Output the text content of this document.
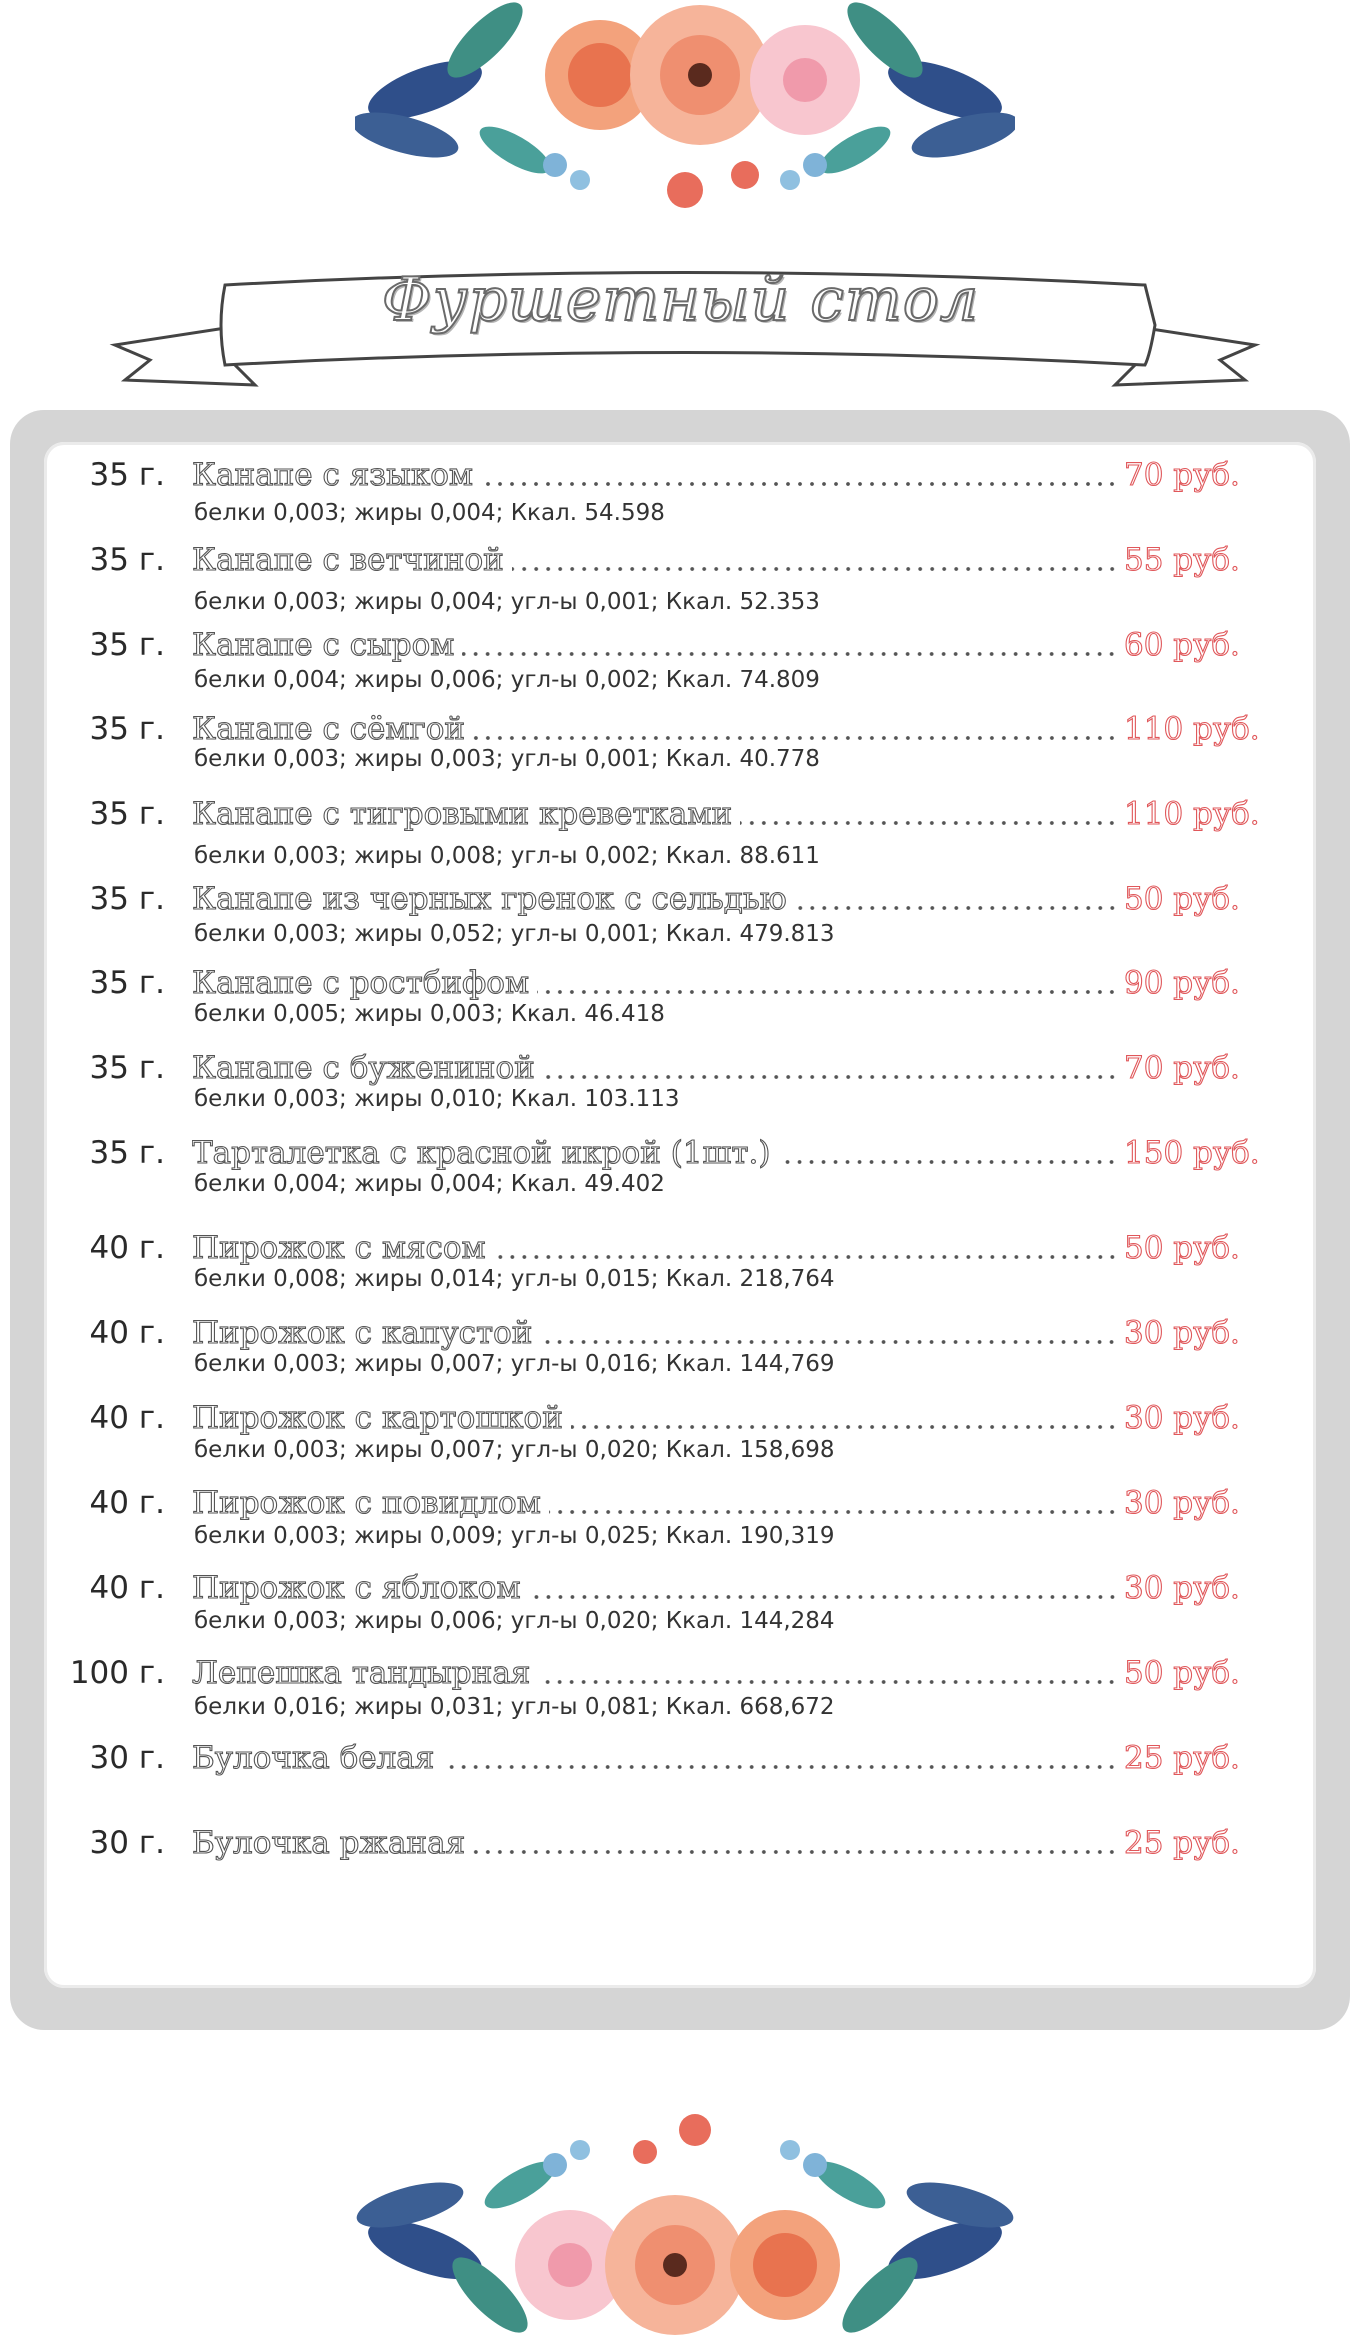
Фуршетный стол
35 г. Канапе с языком	70 руб.
белки 0,003; жиры 0,004; Ккал. 54.598
35 г. Канапе с ветчиной	55 руб.
белки 0,003; жиры 0,004; угл-ы 0,001; Ккал. 52.353
35 г. Канапе с сыром	60 руб.
белки 0,004; жиры 0,006; угл-ы 0,002; Ккал. 74.809
35 г. Канапе с сёмгой	110 руб.
белки 0,003; жиры 0,003; угл-ы 0,001; Ккал. 40.778
35 г. Канапе с тигровыми креветками	110 руб.
белки 0,003; жиры 0,008; угл-ы 0,002; Ккал. 88.611
35 г. Канапе из черных гренок с сельдью	50 руб.
белки 0,003; жиры 0,052; угл-ы 0,001; Ккал. 479.813
35 г. Канапе с ростбифом	90 руб.
белки 0,005; жиры 0,003; Ккал. 46.418
35 г. Канапе с бужениной	70 руб.
белки 0,003; жиры 0,010; Ккал. 103.113
35 г. Тарталетка с красной икрой (1шт.)	150 руб.
белки 0,004; жиры 0,004; Ккал. 49.402
40 г. Пирожок с мясом	50 руб.
белки 0,008; жиры 0,014; угл-ы 0,015; Ккал. 218,764
40 г. Пирожок с капустой	30 руб.
белки 0,003; жиры 0,007; угл-ы 0,016; Ккал. 144,769
40 г. Пирожок с картошкой	30 руб.
белки 0,003; жиры 0,007; угл-ы 0,020; Ккал. 158,698
40 г. Пирожок с повидлом	30 руб.
белки 0,003; жиры 0,009; угл-ы 0,025; Ккал. 190,319
40 г. Пирожок с яблоком	30 руб.
белки 0,003; жиры 0,006; угл-ы 0,020; Ккал. 144,284
100 г. Лепешка тандырная	50 руб.
белки 0,016; жиры 0,031; угл-ы 0,081; Ккал. 668,672
30 г. Булочка белая	25 руб.
30 г. Булочка ржаная	25 руб.
